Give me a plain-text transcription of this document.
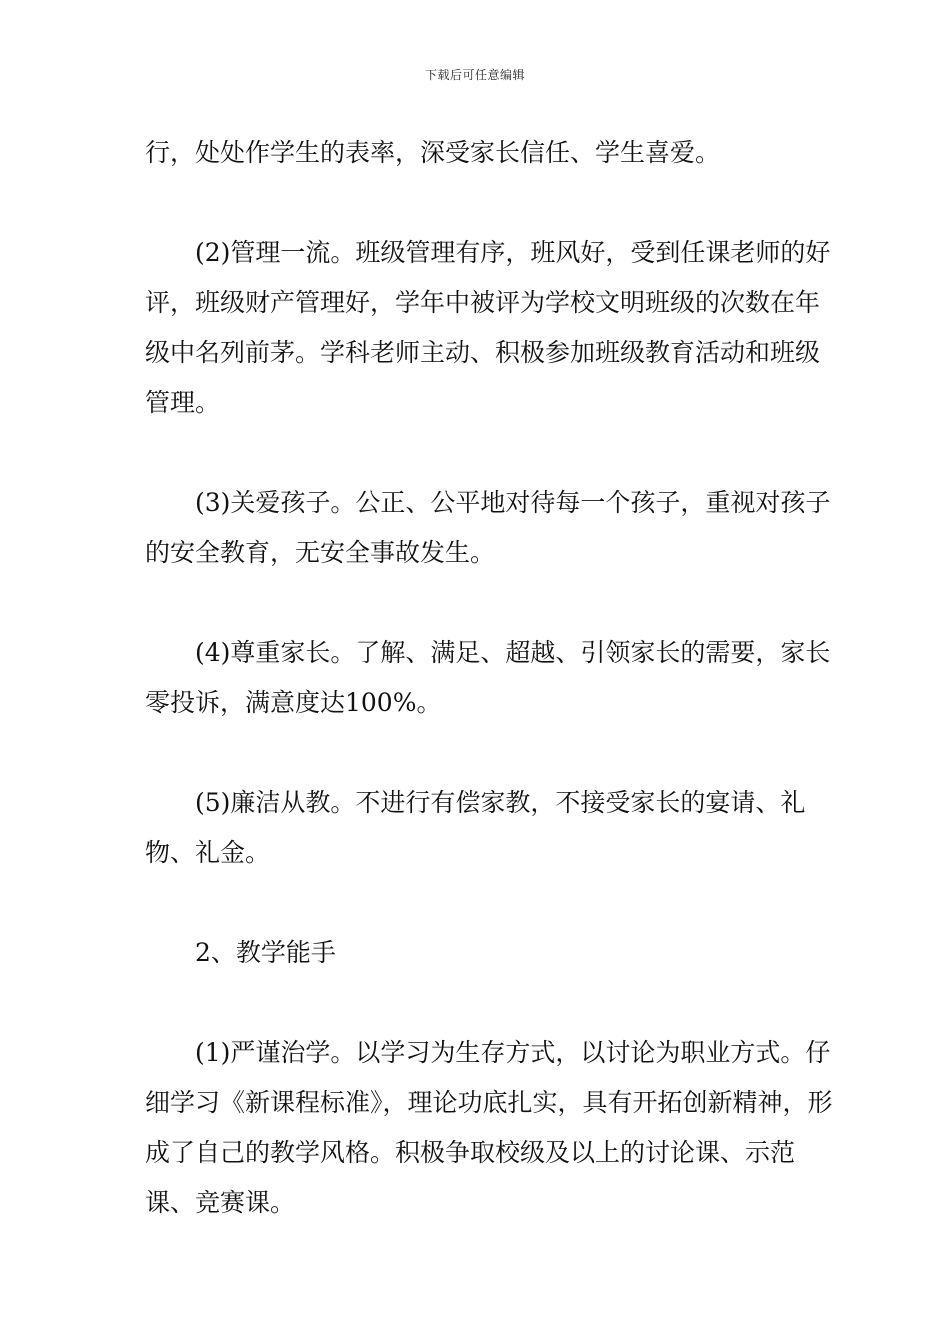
下载后可任意编辑

行，处处作学生的表率，深受家长信任、学生喜爱。

(2)管理一流。班级管理有序，班风好，受到任课老师的好评，班级财产管理好，学年中被评为学校文明班级的次数在年级中名列前茅。学科老师主动、积极参加班级教育活动和班级管理。

(3)关爱孩子。公正、公平地对待每一个孩子，重视对孩子的安全教育，无安全事故发生。

(4)尊重家长。了解、满足、超越、引领家长的需要，家长零投诉，满意度达100%。

(5)廉洁从教。不进行有偿家教，不接受家长的宴请、礼物、礼金。

2、教学能手

(1)严谨治学。以学习为生存方式，以讨论为职业方式。仔细学习《新课程标准》，理论功底扎实，具有开拓创新精神，形成了自己的教学风格。积极争取校级及以上的讨论课、示范课、竞赛课。
